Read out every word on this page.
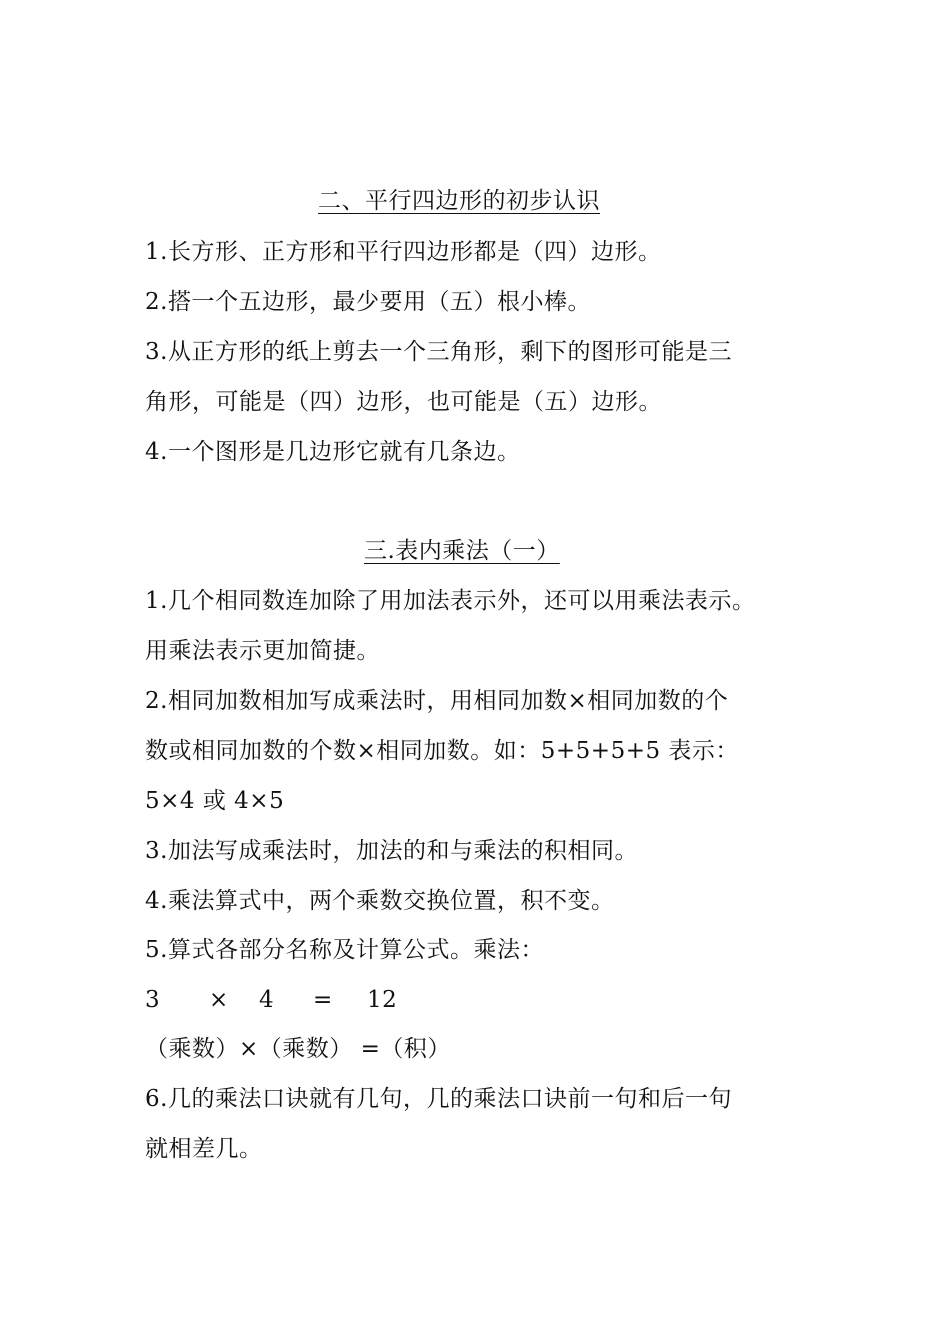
二、平行四边形的初步认识
1.长方形、正方形和平行四边形都是（四）边形。
2.搭一个五边形，最少要用（五）根小棒。
3.从正方形的纸上剪去一个三角形，剩下的图形可能是三
角形，可能是（四）边形，也可能是（五）边形。
4.一个图形是几边形它就有几条边。
三.表内乘法（一）
1.几个相同数连加除了用加法表示外，还可以用乘法表示。
用乘法表示更加简捷。
2.相同加数相加写成乘法时，用相同加数×相同加数的个
数或相同加数的个数×相同加数。如：5+5+5+5 表示：
5×4 或 4×5
3.加法写成乘法时，加法的和与乘法的积相同。
4.乘法算式中，两个乘数交换位置，积不变。
5.算式各部分名称及计算公式。乘法：
3 × 4 = 12
（乘数）×（乘数） =（积）
6.几的乘法口诀就有几句，几的乘法口诀前一句和后一句
就相差几。
